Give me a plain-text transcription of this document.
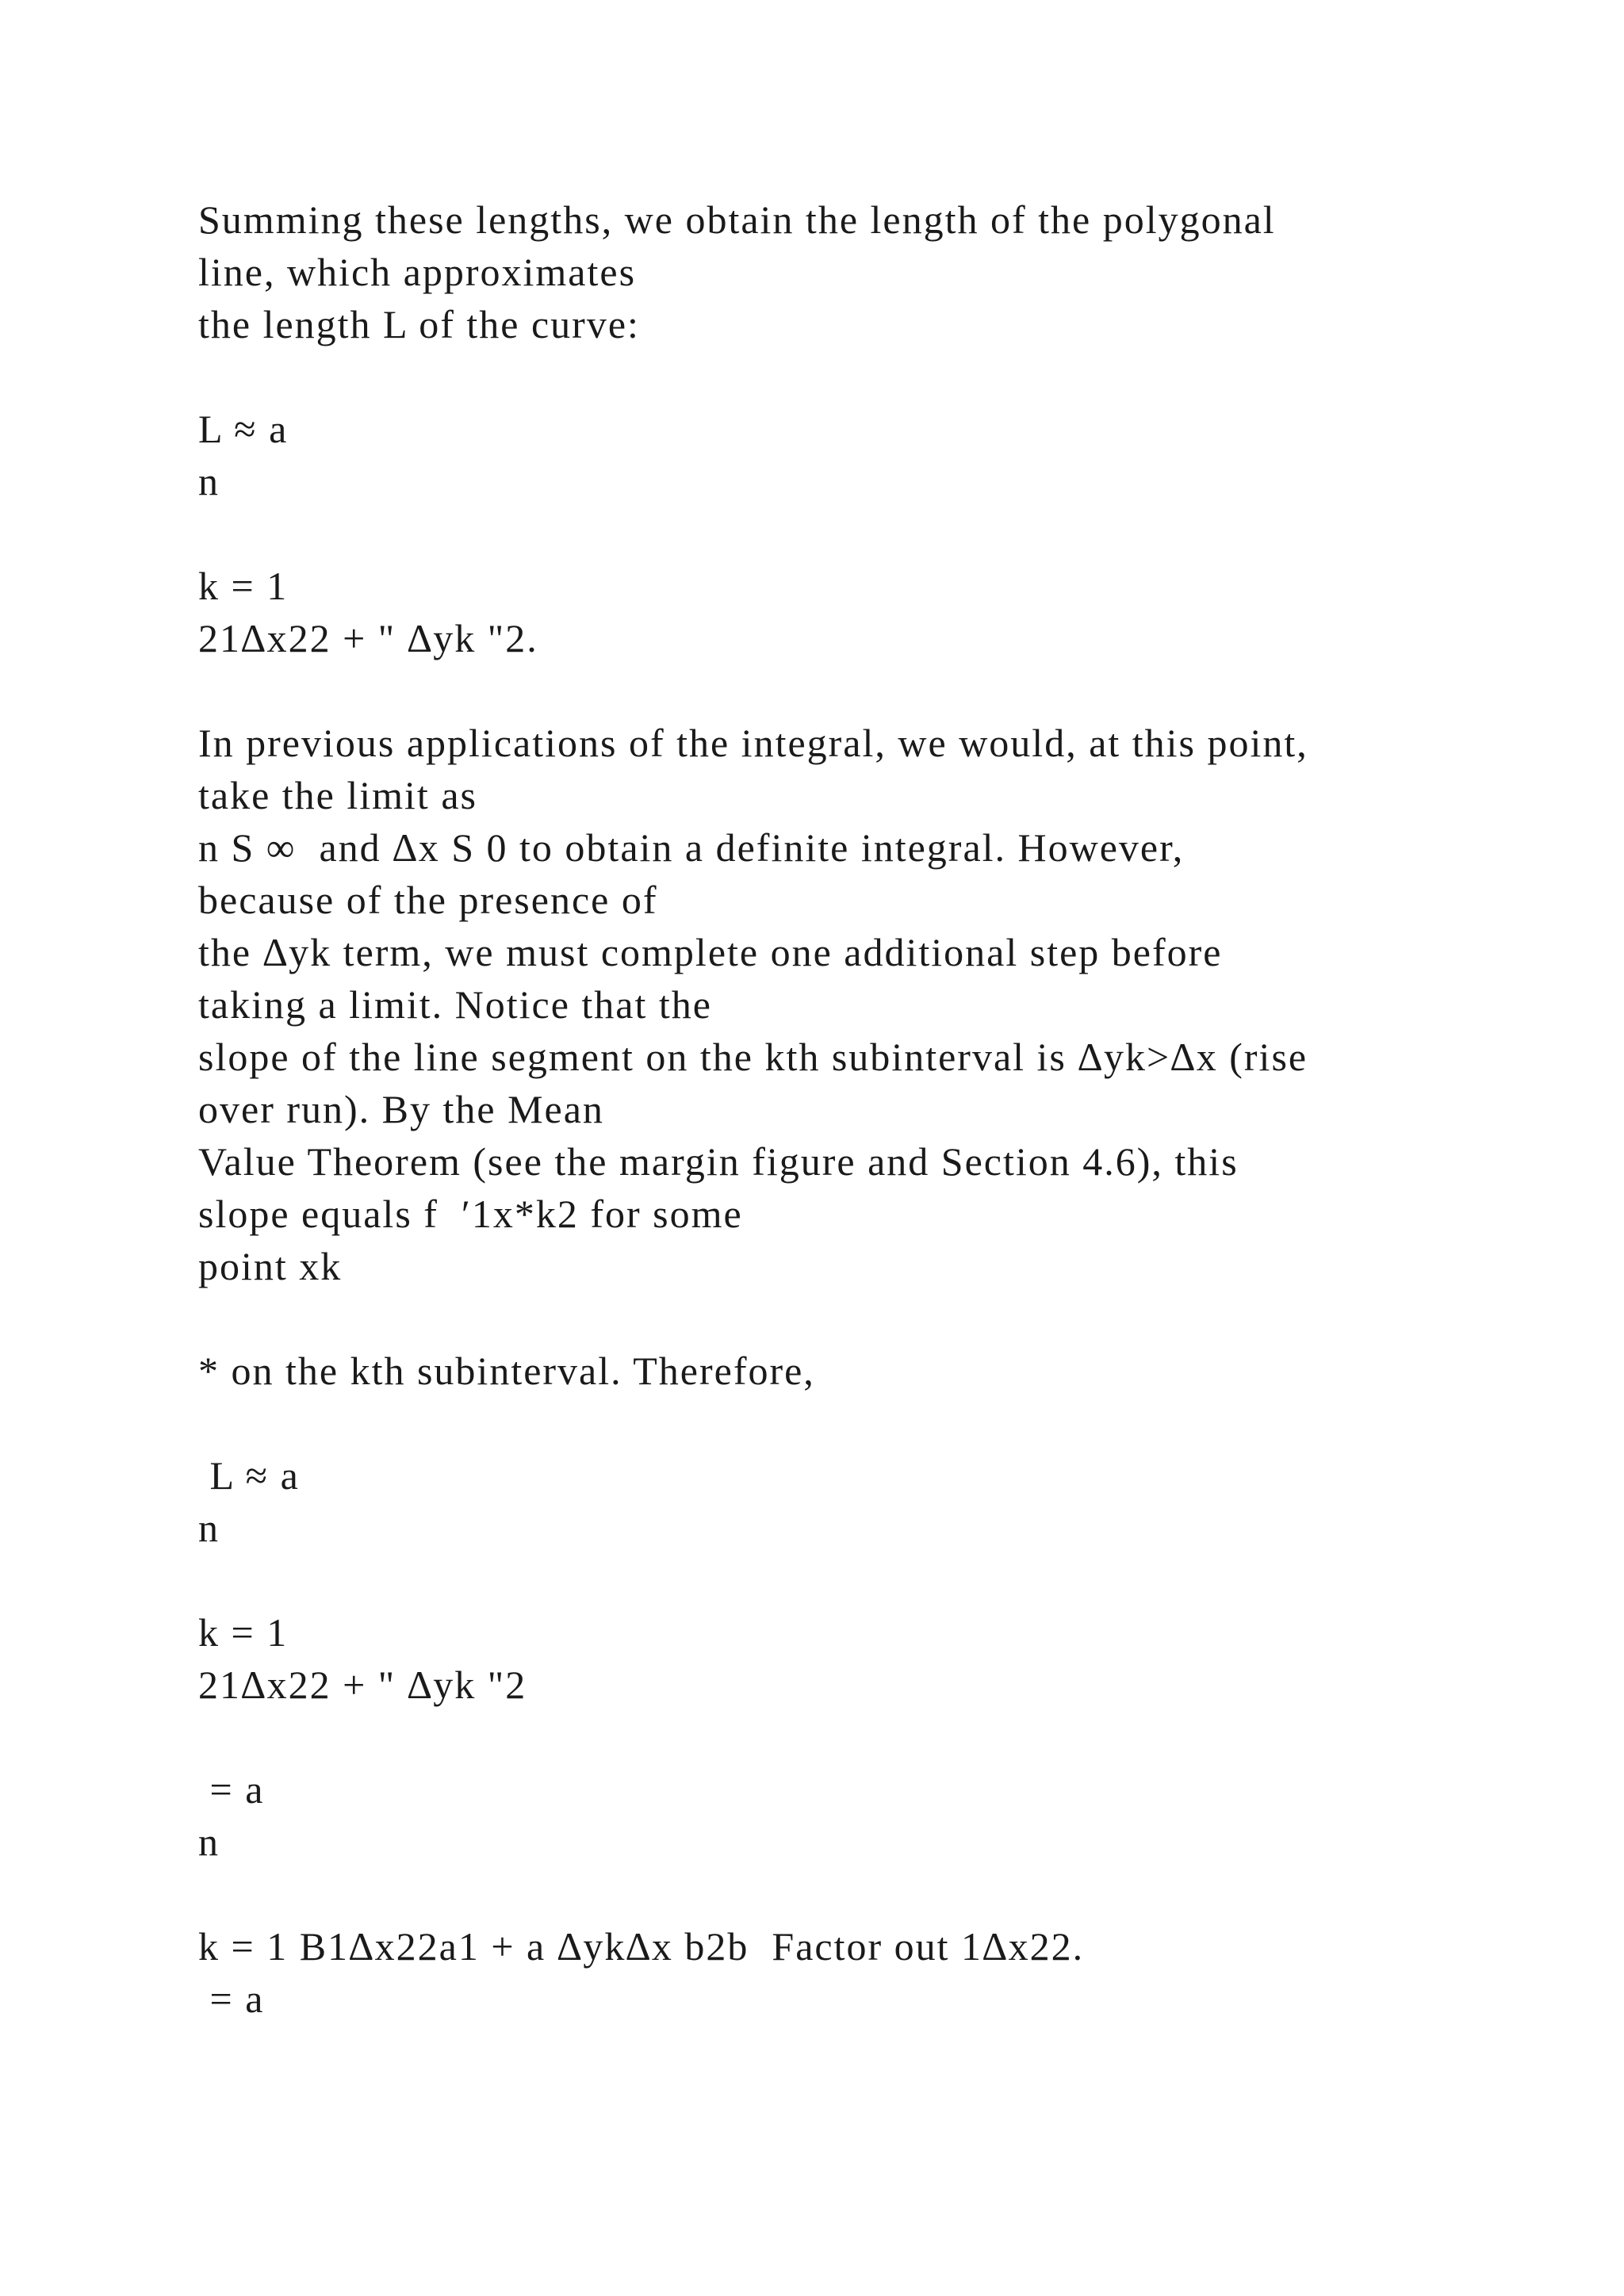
Summing these lengths, we obtain the length of the polygonal
line, which approximates
the length L of the curve:
L ≈ a
n
k = 1
21∆x22 + " ∆yk "2.
In previous applications of the integral, we would, at this point,
take the limit as
n S ∞  and ∆x S 0 to obtain a definite integral. However,
because of the presence of
the ∆yk term, we must complete one additional step before
taking a limit. Notice that the
slope of the line segment on the kth subinterval is ∆yk>∆x (rise
over run). By the Mean
Value Theorem (see the margin figure and Section 4.6), this
slope equals f  ′1x*k2 for some
point xk
* on the kth subinterval. Therefore,
L ≈ a
n
k = 1
21∆x22 + " ∆yk "2
= a
n
k = 1 B1∆x22a1 + a ∆yk∆x b2b  Factor out 1∆x22.
= a
